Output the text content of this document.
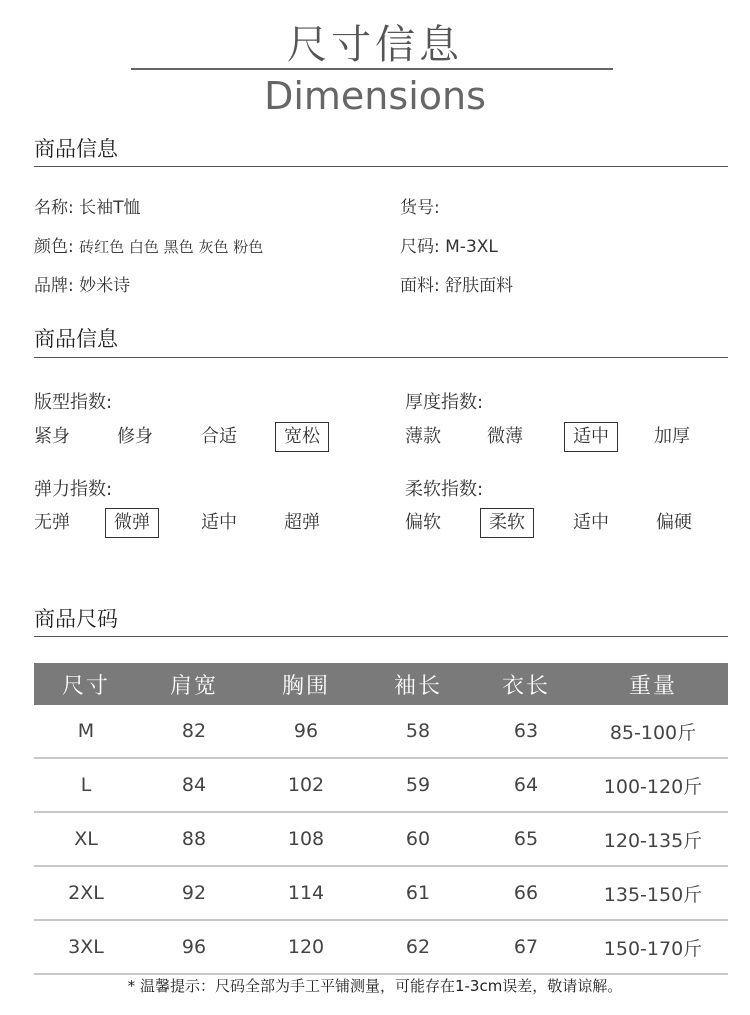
尺寸信息
Dimensions
商品信息
名称: 长袖T恤	货号:
颜色: 砖红色 白色 黑色 灰色 粉色	尺码: M-3XL
品牌: 妙米诗	面料: 舒肤面料
商品信息
版型指数:
紧身	修身	合适	宽松
厚度指数:
薄款	微薄	适中	加厚
弹力指数:
无弹	微弹	适中	超弹
柔软指数:
偏软	柔软	适中	偏硬
商品尺码
尺寸	肩宽	胸围	袖长	衣长	重量
M	82	96	58	63	85-100斤
L	84	102	59	64	100-120斤
XL	88	108	60	65	120-135斤
2XL	92	114	61	66	135-150斤
3XL	96	120	62	67	150-170斤
* 温馨提示：尺码全部为手工平铺测量，可能存在1-3cm误差，敬请谅解。
